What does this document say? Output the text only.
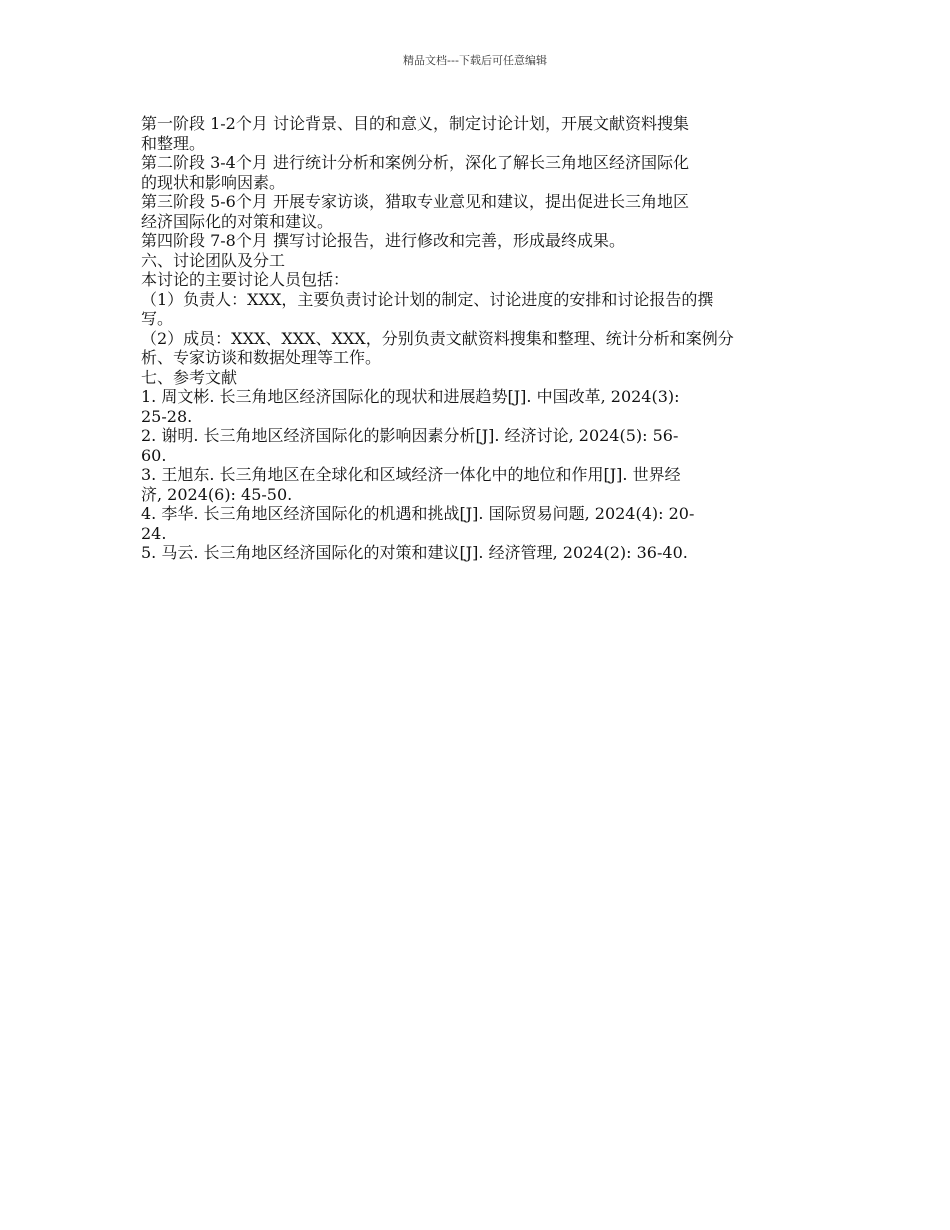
精品文档---下载后可任意编辑
第一阶段 1-2个月 讨论背景、目的和意义，制定讨论计划，开展文献资料搜集
和整理。
第二阶段 3-4个月 进行统计分析和案例分析，深化了解长三角地区经济国际化
的现状和影响因素。
第三阶段 5-6个月 开展专家访谈，猎取专业意见和建议，提出促进长三角地区
经济国际化的对策和建议。
第四阶段 7-8个月 撰写讨论报告，进行修改和完善，形成最终成果。
六、讨论团队及分工
本讨论的主要讨论人员包括：
（1）负责人：XXX，主要负责讨论计划的制定、讨论进度的安排和讨论报告的撰
写。
（2）成员：XXX、XXX、XXX，分别负责文献资料搜集和整理、统计分析和案例分
析、专家访谈和数据处理等工作。
七、参考文献
1. 周文彬. 长三角地区经济国际化的现状和进展趋势[J]. 中国改革, 2024(3):
25-28.
2. 谢明. 长三角地区经济国际化的影响因素分析[J]. 经济讨论, 2024(5): 56-
60.
3. 王旭东. 长三角地区在全球化和区域经济一体化中的地位和作用[J]. 世界经
济, 2024(6): 45-50.
4. 李华. 长三角地区经济国际化的机遇和挑战[J]. 国际贸易问题, 2024(4): 20-
24.
5. 马云. 长三角地区经济国际化的对策和建议[J]. 经济管理, 2024(2): 36-40.
